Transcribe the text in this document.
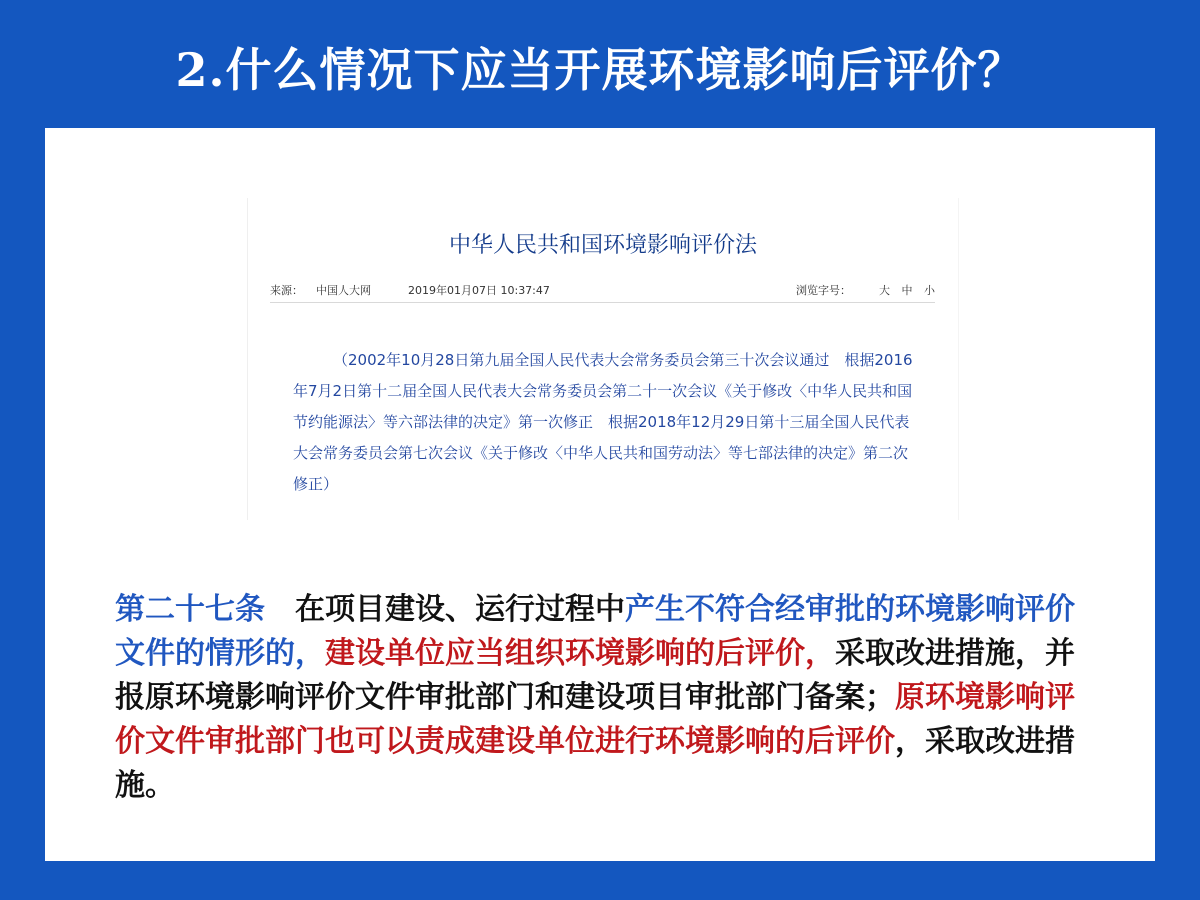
2.什么情况下应当开展环境影响后评价？
中华人民共和国环境影响评价法
来源： 中国人大网	2019年01月07日 10:37:47	浏览字号：	大 中 小
（2002年10月28日第九届全国人民代表大会常务委员会第三十次会议通过　根据2016年7月2日第十二届全国人民代表大会常务委员会第二十一次会议《关于修改〈中华人民共和国节约能源法〉等六部法律的决定》第一次修正　根据2018年12月29日第十三届全国人民代表大会常务委员会第七次会议《关于修改〈中华人民共和国劳动法〉等七部法律的决定》第二次修正）
第二十七条　 在项目建设、运行过程中产生不符合经审批的环境影响评价文件的情形的，建设单位应当组织环境影响的后评价，采取改进措施，并报原环境影响评价文件审批部门和建设项目审批部门备案；原环境影响评价文件审批部门也可以责成建设单位进行环境影响的后评价，采取改进措施。
